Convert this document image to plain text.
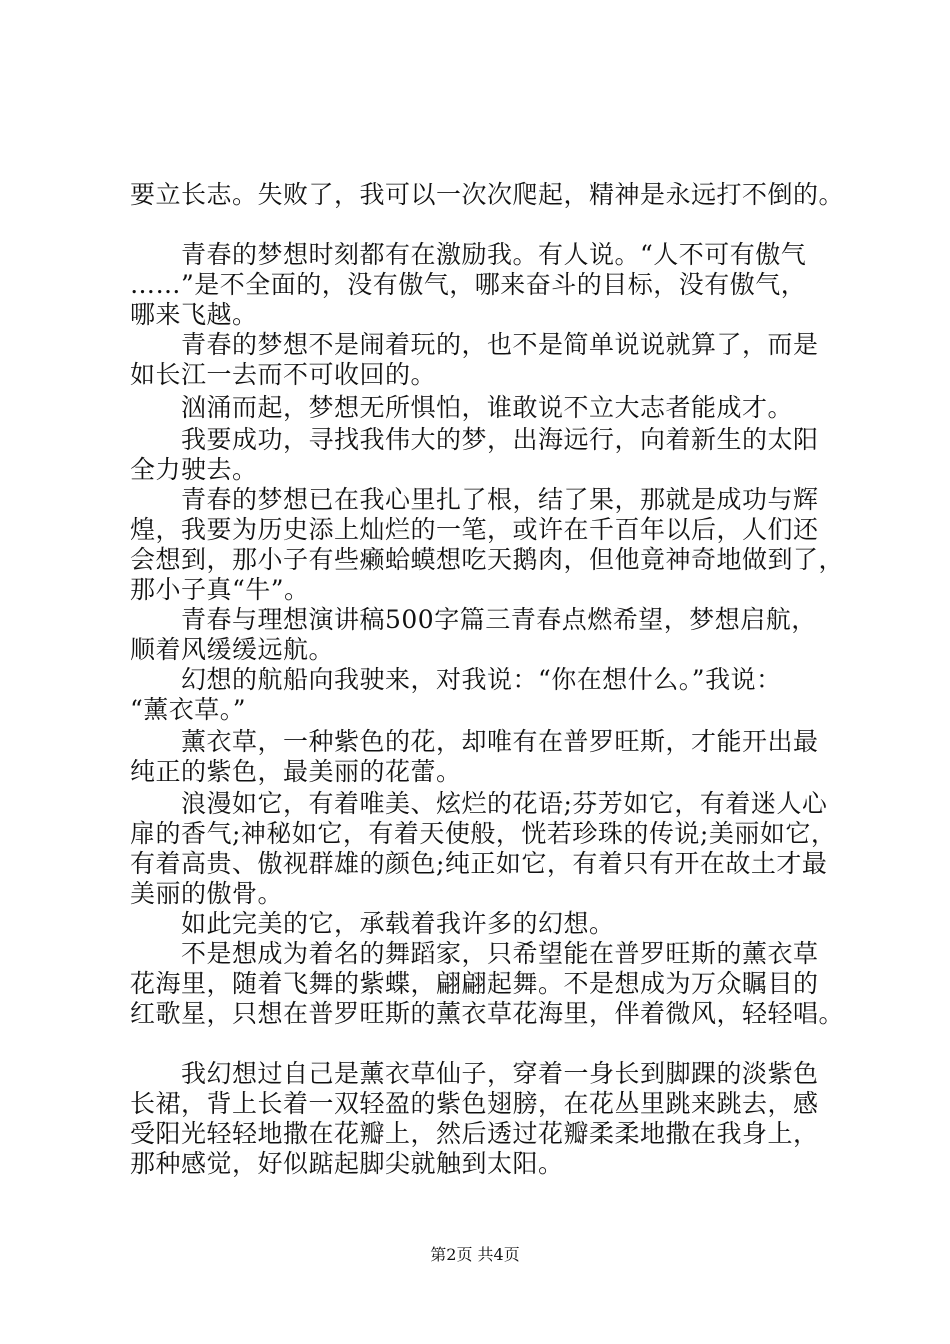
要立长志。失败了，我可以一次次爬起，精神是永远打不倒的。
　　青春的梦想时刻都有在激励我。有人说。“人不可有傲气
……”是不全面的，没有傲气，哪来奋斗的目标，没有傲气，
哪来飞越。
　　青春的梦想不是闹着玩的，也不是简单说说就算了，而是
如长江一去而不可收回的。
　　汹涌而起，梦想无所惧怕，谁敢说不立大志者能成才。
　　我要成功，寻找我伟大的梦，出海远行，向着新生的太阳
全力驶去。
　　青春的梦想已在我心里扎了根，结了果，那就是成功与辉
煌，我要为历史添上灿烂的一笔，或许在千百年以后，人们还
会想到，那小子有些癞蛤蟆想吃天鹅肉，但他竟神奇地做到了，
那小子真“牛”。
　　青春与理想演讲稿500字篇三青春点燃希望，梦想启航，
顺着风缓缓远航。
　　幻想的航船向我驶来，对我说：“你在想什么。”我说：
“薰衣草。”
　　薰衣草，一种紫色的花，却唯有在普罗旺斯，才能开出最
纯正的紫色，最美丽的花蕾。
　　浪漫如它，有着唯美、炫烂的花语;芬芳如它，有着迷人心
扉的香气;神秘如它，有着天使般，恍若珍珠的传说;美丽如它，
有着高贵、傲视群雄的颜色;纯正如它，有着只有开在故土才最
美丽的傲骨。
　　如此完美的它，承载着我许多的幻想。
　　不是想成为着名的舞蹈家，只希望能在普罗旺斯的薰衣草
花海里，随着飞舞的紫蝶，翩翩起舞。不是想成为万众瞩目的
红歌星，只想在普罗旺斯的薰衣草花海里，伴着微风，轻轻唱。
　　我幻想过自己是薰衣草仙子，穿着一身长到脚踝的淡紫色
长裙，背上长着一双轻盈的紫色翅膀，在花丛里跳来跳去，感
受阳光轻轻地撒在花瓣上，然后透过花瓣柔柔地撒在我身上，
那种感觉，好似踮起脚尖就触到太阳。
第2页 共4页
